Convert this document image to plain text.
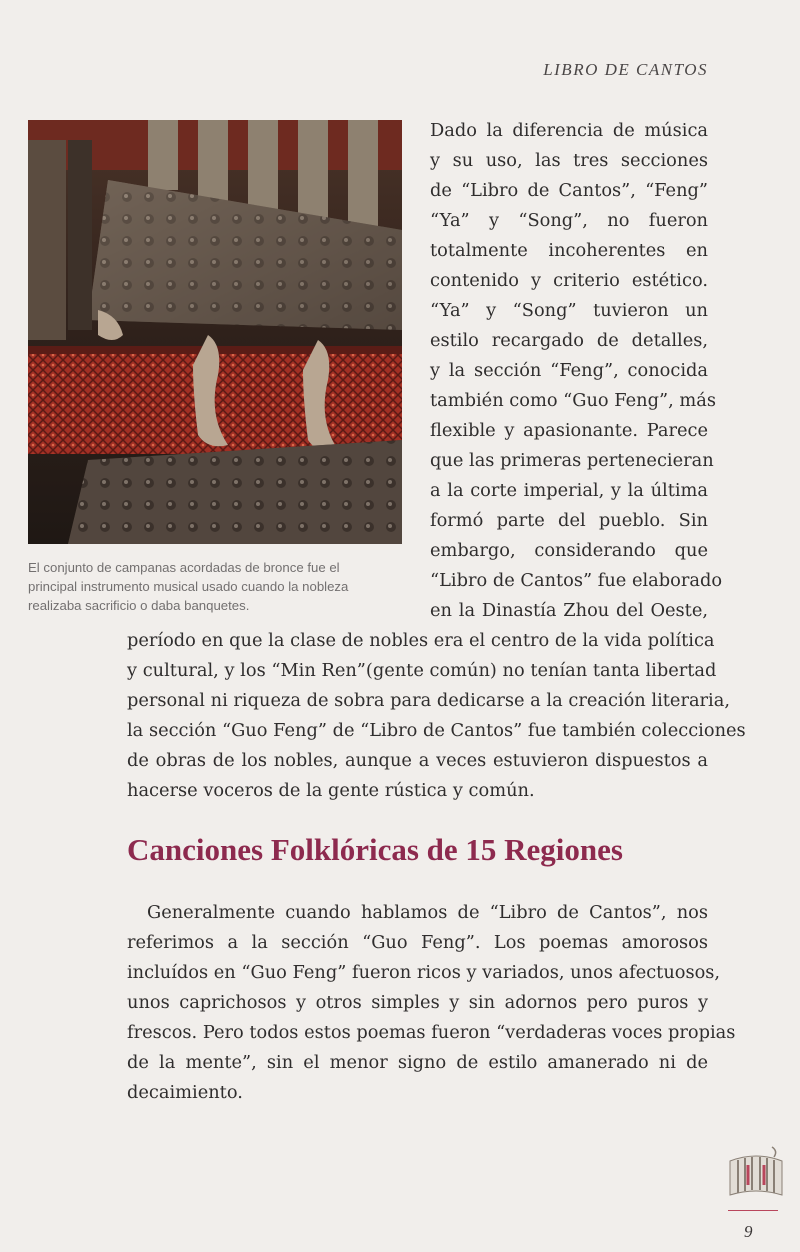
LIBRO DE CANTOS

El conjunto de campanas acordadas de bronce fue el

principal instrumento musical usado cuando la nobleza

realizaba sacrificio o daba banquetes.

Dado la diferencia de música
y su uso, las tres secciones
de “Libro de Cantos”, “Feng”
“Ya” y “Song”, no fueron
totalmente incoherentes en
contenido y criterio estético.
“Ya” y “Song” tuvieron un
estilo recargado de detalles,
y la sección “Feng”, conocida
también como “Guo Feng”, más
flexible y apasionante. Parece
que las primeras pertenecieran
a la corte imperial, y la última
formó parte del pueblo. Sin
embargo, considerando que
“Libro de Cantos” fue elaborado
en la Dinastía Zhou del Oeste,
período en que la clase de nobles era el centro de la vida política
y cultural, y los “Min Ren”(gente común) no tenían tanta libertad
personal ni riqueza de sobra para dedicarse a la creación literaria,
la sección “Guo Feng” de “Libro de Cantos” fue también colecciones
de obras de los nobles, aunque a veces estuvieron dispuestos a
hacerse voceros de la gente rústica y común.
Canciones Folklóricas de 15 Regiones
Generalmente cuando hablamos de “Libro de Cantos”, nos
referimos a la sección “Guo Feng”. Los poemas amorosos
incluídos en “Guo Feng” fueron ricos y variados, unos afectuosos,
unos caprichosos y otros simples y sin adornos pero puros y
frescos. Pero todos estos poemas fueron “verdaderas voces propias
de la mente”, sin el menor signo de estilo amanerado ni de
decaimiento.
9
